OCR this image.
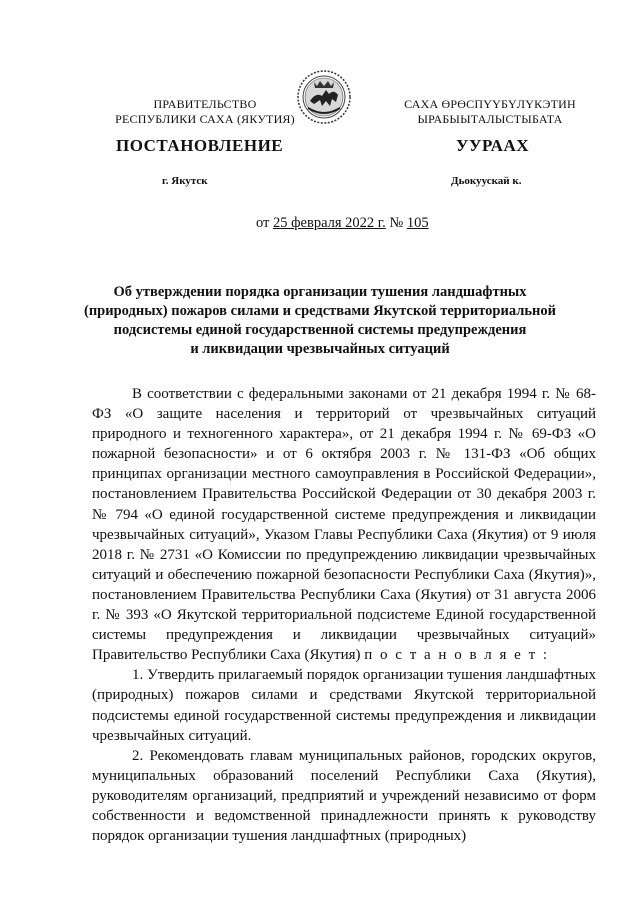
ПРАВИТЕЛЬСТВО
РЕСПУБЛИКИ САХА (ЯКУТИЯ)
САХА ӨРӨСПҮҮБҮЛҮКЭТИН
ЫРАБЫЫТАЛЫСТЫБАТА
ПОСТАНОВЛЕНИЕ	УУРААХ
г. Якутск	Дьокуускай к.
от 25 февраля 2022 г. № 105
Об утверждении порядка организации тушения ландшафтных
(природных) пожаров силами и средствами Якутской территориальной
подсистемы единой государственной системы предупреждения
и ликвидации чрезвычайных ситуаций

В соответствии с федеральными законами от 21 декабря 1994 г. № 68-ФЗ «О защите населения и территорий от чрезвычайных ситуаций природного и техногенного характера», от 21 декабря 1994 г. № 69-ФЗ «О пожарной безопасности» и от 6 октября 2003 г. № 131-ФЗ «Об общих принципах организации местного самоуправления в Российской Федерации», постановлением Правительства Российской Федерации от 30 декабря 2003 г. № 794 «О единой государственной системе предупреждения и ликвидации чрезвычайных ситуаций», Указом Главы Республики Саха (Якутия) от 9 июля 2018 г. № 2731 «О Комиссии по предупреждению ликвидации чрезвычайных ситуаций и обеспечению пожарной безопасности Республики Саха (Якутия)», постановлением Правительства Республики Саха (Якутия) от 31 августа 2006 г. № 393 «О Якутской территориальной подсистеме Единой государственной системы предупреждения и ликвидации чрезвычайных ситуаций» Правительство Республики Саха (Якутия) п о с т а н о в л я е т :

1. Утвердить прилагаемый порядок организации тушения ландшафтных (природных) пожаров силами и средствами Якутской территориальной подсистемы единой государственной системы предупреждения и ликвидации чрезвычайных ситуаций.

2. Рекомендовать главам муниципальных районов, городских округов, муниципальных образований поселений Республики Саха (Якутия), руководителям организаций, предприятий и учреждений независимо от форм собственности и ведомственной принадлежности принять к руководству порядок организации тушения ландшафтных (природных)
